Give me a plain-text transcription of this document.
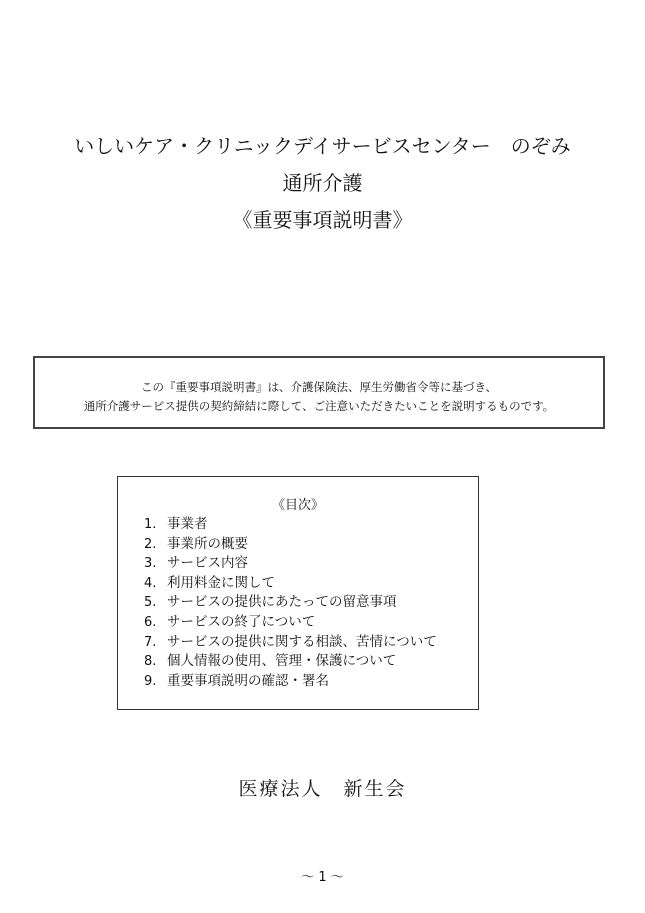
いしいケア・クリニックデイサービスセンター　のぞみ
通所介護
《重要事項説明書》
この『重要事項説明書』は、介護保険法、厚生労働省令等に基づき、
通所介護サービス提供の契約締結に際して、ご注意いただきたいことを説明するものです。
《目次》
1. 事業者
2. 事業所の概要
3. サービス内容
4. 利用料金に関して
5. サービスの提供にあたっての留意事項
6. サービスの終了について
7. サービスの提供に関する相談、苦情について
8. 個人情報の使用、管理・保護について
9. 重要事項説明の確認・署名
医療法人　新生会
～ 1 ～
